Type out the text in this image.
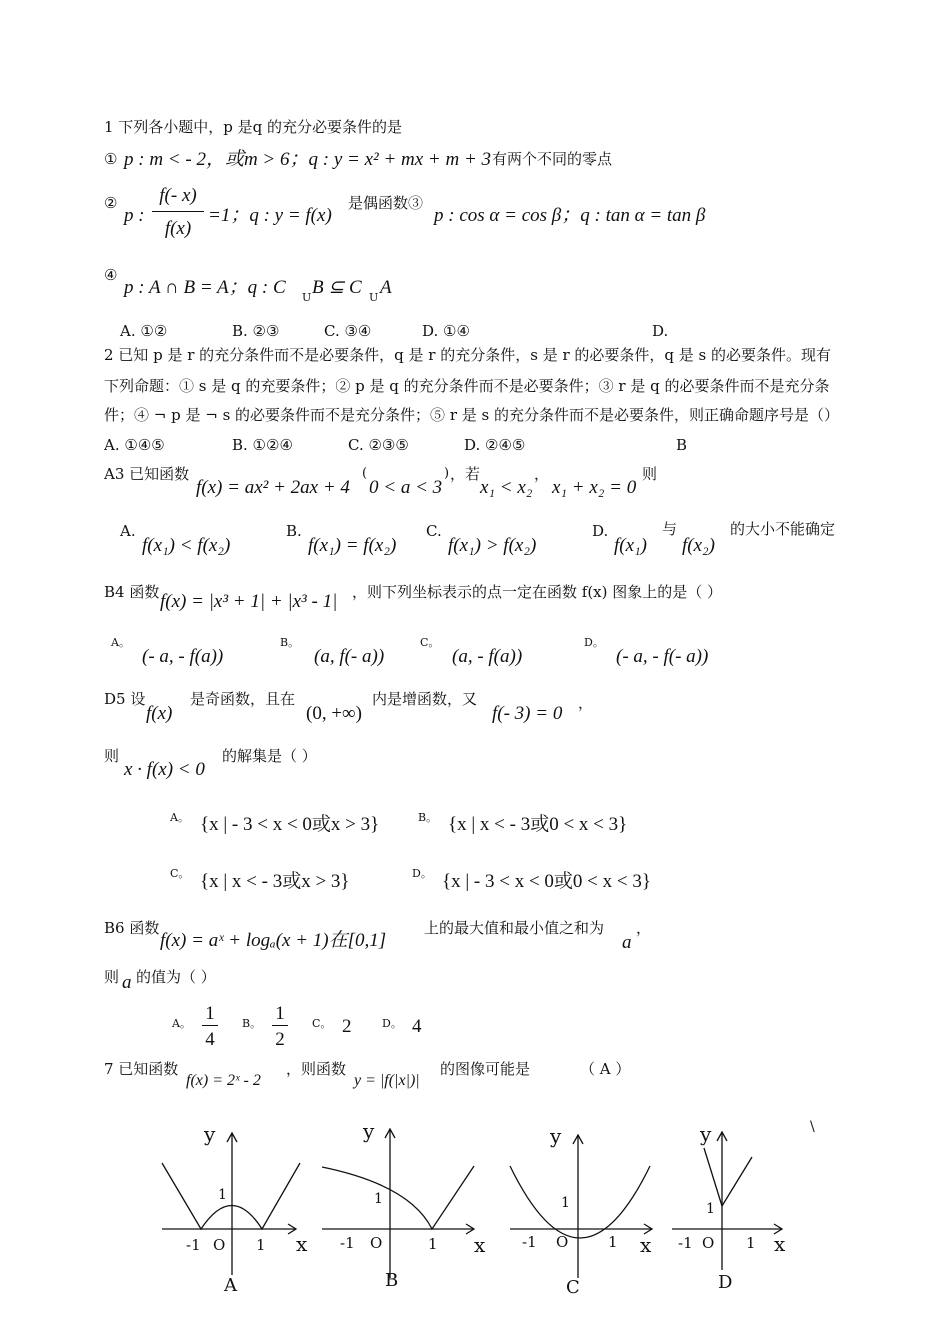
1 下列各小题中，p 是q 的充分必要条件的是
① p : m < - 2，或m > 6；q : y = x² + mx + m + 3 有两个不同的零点
②
p :
f(- x)
f(x)
=1；q : y = f(x)
是偶函数③
p : cos α = cos β；q : tan α = tan β
④
p : A ∩ B = A；q : C U B ⊆ C U A
A. ①②	B. ②③	C. ③④	D. ①④	D.
2 已知 p 是 r 的充分条件而不是必要条件，q 是 r 的充分条件，s 是 r 的必要条件，q 是 s 的必要条件。现有
下列命题：① s 是 q 的充要条件；② p 是 q 的充分条件而不是必要条件；③ r 是 q 的必要条件而不是充分条
件；④ ¬ p 是 ¬ s 的必要条件而不是充分条件；⑤ r 是 s 的充分条件而不是必要条件，则正确命题序号是（）
A. ①④⑤	B. ①②④	C. ②③⑤	D. ②④⑤	B
A3 已知函数
f(x) = ax² + 2ax + 4
(
0 < a < 3
) ，若
x₁ < x₂
，
x₁ + x₂ = 0
则
A.
f(x₁) < f(x₂)
B.
f(x₁) = f(x₂)
C.
f(x₁) > f(x₂)
D.
f(x₁)
与
f(x₂)
的大小不能确定
B4 函数 f(x) = |x³ + 1| + |x³ - 1| ，则下列坐标表示的点一定在函数 f(x) 图象上的是（ ）
A。
(- a, - f(a))
B。
(a, f(- a))
C。
(a, - f(a))
D。
(- a, - f(- a))
D5 设
f(x)
是奇函数，且在
(0, +∞)
内是增函数，又
f(- 3) = 0 ，
则
x · f(x) < 0
的解集是（ ）
A。 {x | - 3 < x < 0或x > 3}	B。 {x | x < - 3或0 < x < 3}
C。 {x | x < - 3或x > 3}	D。 {x | - 3 < x < 0或0 < x < 3}
B6 函数
f(x) = aˣ + logₐ(x + 1)在[0,1]
上的最大值和最小值之和为
a
，
则 a 的值为（ ）
A。 1
4
B。 1
2
C。 2	D。 4
7 已知函数
f(x) = 2ˣ - 2
，则函数
y = |f(|x|)|
的图像可能是	（ A ）
\
y
x
1
-1 O 1
A
y
x
1
-1 O	1
B
y
x
1
-1 O	1
C
y
x
1
-1 O 1
D
